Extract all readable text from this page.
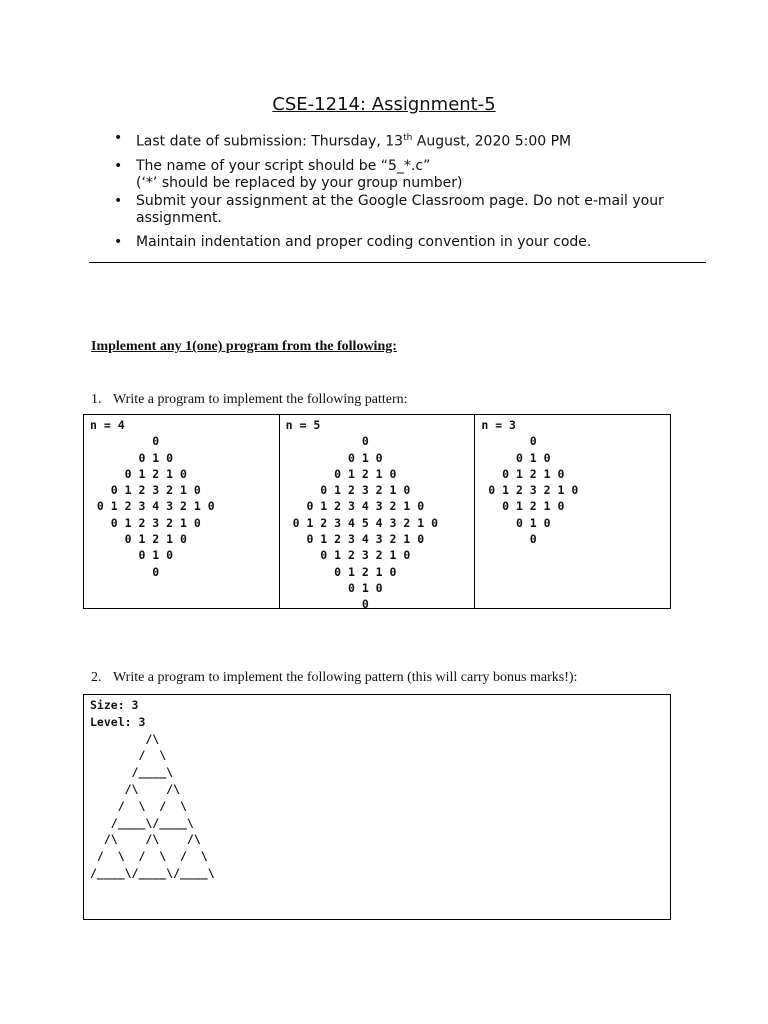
CSE-1214: Assignment-5
• Last date of submission: Thursday, 13th August, 2020 5:00 PM
• The name of your script should be “5_*.c”
(‘*’ should be replaced by your group number)
• Submit your assignment at the Google Classroom page. Do not e-mail your assignment.
• Maintain indentation and proper coding convention in your code.
Implement any 1(one) program from the following:
1. Write a program to implement the following pattern:
n = 4
0
0 1 0
0 1 2 1 0
0 1 2 3 2 1 0
0 1 2 3 4 3 2 1 0
0 1 2 3 2 1 0
0 1 2 1 0
0 1 0
0
n = 5
0
0 1 0
0 1 2 1 0
0 1 2 3 2 1 0
0 1 2 3 4 3 2 1 0
0 1 2 3 4 5 4 3 2 1 0
0 1 2 3 4 3 2 1 0
0 1 2 3 2 1 0
0 1 2 1 0
0 1 0
0
n = 3
0
0 1 0
0 1 2 1 0
0 1 2 3 2 1 0
0 1 2 1 0
0 1 0
0
2. Write a program to implement the following pattern (this will carry bonus marks!):
Size: 3
Level: 3
/\
/  \
/____\
/\    /\
/  \  /  \
/____\/____\
/\    /\    /\
/  \  /  \  /  \
/____\/____\/____\
